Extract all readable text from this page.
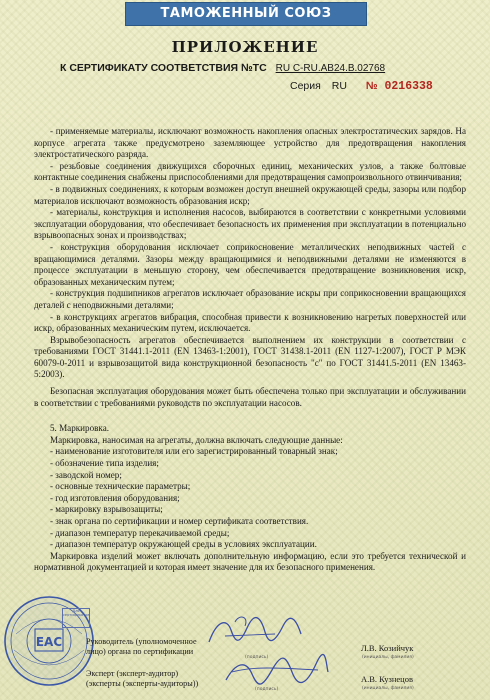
ТАМОЖЕННЫЙ СОЮЗ
ПРИЛОЖЕНИЕ
К СЕРТИФИКАТУ СООТВЕТСТВИЯ №ТС RU C-RU.AB24.B.02768
Серия RU № 0216338

- применяемые материалы, исключают возможность накопления опасных электростатических зарядов. На корпусе агрегата также предусмотрено заземляющее устройство для предотвращения накопления электростатического разряда.

- резьбовые соединения движущихся сборочных единиц, механических узлов, а также болтовые контактные соединения снабжены приспособлениями для предотвращения самопроизвольного отвинчивания;

- в подвижных соединениях, к которым возможен доступ внешней окружающей среды, зазоры или подбор материалов исключают возможность образования искр;

- материалы, конструкция и исполнения насосов, выбираются в соответствии с конкретными условиями эксплуатации оборудования, что обеспечивает безопасность их применения при эксплуатации в потенциально взрывоопасных зонах и производствах;

- конструкция оборудования исключает соприкосновение металлических неподвижных частей с вращающимися деталями. Зазоры между вращающимися и неподвижными деталями не изменяются в процессе эксплуатации в меньшую сторону, чем обеспечивается предотвращение возникновения искр, образованных механическим путем;

- конструкция подшипников агрегатов исключает образование искры при соприкосновении вращающихся деталей с неподвижными деталями;

- в конструкциях агрегатов вибрация, способная привести к возникновению нагретых поверхностей или искр, образованных механическим путем, исключается.

Взрывобезопасность агрегатов обеспечивается выполнением их конструкции в соответствии с требованиями ГОСТ 31441.1-2011 (EN 13463-1:2001), ГОСТ 31438.1-2011 (EN 1127-1:2007), ГОСТ Р МЭК 60079-0-2011 и взрывозащитой вида конструкционной безопасность "с" по ГОСТ 31441.5-2011 (EN 13463-5:2003).

Безопасная эксплуатация оборудования может быть обеспечена только при эксплуатации и обслуживании в соответствии с требованиями руководств по эксплуатации насосов.

5. Маркировка.

Маркировка, наносимая на агрегаты, должна включать следующие данные:

- наименование изготовителя или его зарегистрированный товарный знак;

- обозначение типа изделия;

- заводской номер;

- основные технические параметры;

- год изготовления оборудования;

- маркировку взрывозащиты;

- знак органа по сертификации и номер сертификата соответствия.

- диапазон температур перекачиваемой среды;

- диапазон температур окружающей среды в условиях эксплуатации.

Маркировка изделий может включать дополнительную информацию, если это требуется технической и нормативной документацией и которая имеет значение для их безопасного применения.

EAC
Для
сертификатов
Руководитель (уполномоченное
лицо) органа по сертификации
(подпись)
Л.В. Козийчук
(инициалы, фамилия)
Эксперт (эксперт-аудитор)
(эксперты (эксперты-аудиторы))
(подпись)
А.В. Кузнецов
(инициалы, фамилия)
